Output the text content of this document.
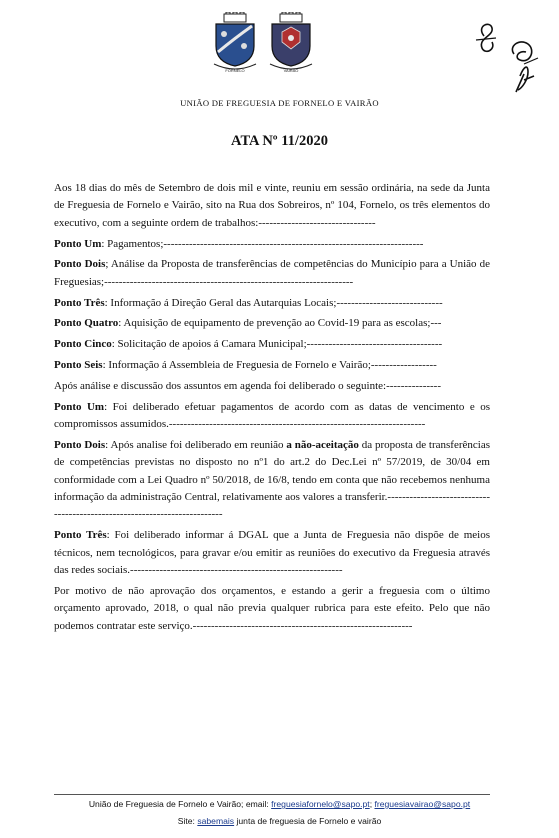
FORNELO	VAIRÃO
UNIÃO DE FREGUESIA DE FORNELO E VAIRÃO
ATA Nº 11/2020

Aos 18 dias do mês de Setembro de dois mil e vinte, reuniu em sessão ordinária, na sede da Junta de Freguesia de Fornelo e Vairão, sito na Rua dos Sobreiros, nº 104, Fornelo, os três elementos do executivo, com a seguinte ordem de trabalhos:--------------------------------

Ponto Um: Pagamentos;-----------------------------------------------------------------------

Ponto Dois; Análise da Proposta de transferências de competências do Município para a União de Freguesias;--------------------------------------------------------------------

Ponto Três: Informação á Direção Geral das Autarquias Locais;-----------------------------

Ponto Quatro: Aquisição de equipamento de prevenção ao Covid-19 para as escolas;---

Ponto Cinco: Solicitação de apoios á Camara Municipal;-------------------------------------

Ponto Seis: Informação á Assembleia de Freguesia de Fornelo e Vairão;------------------

Após análise e discussão dos assuntos em agenda foi deliberado o seguinte:---------------

Ponto Um: Foi deliberado efetuar pagamentos de acordo com as datas de vencimento e os compromissos assumidos.----------------------------------------------------------------------

Ponto Dois: Após analise foi deliberado em reunião a não-aceitação da proposta de transferências de competências previstas no disposto no nº1 do art.2 do Dec.Lei nº 57/2019, de 30/04 em conformidade com a Lei Quadro nº 50/2018, de 16/8, tendo em conta que não recebemos nenhuma informação da administração Central, relativamente aos valores a transferir.--------------------------------------------------------------------------

Ponto Três: Foi deliberado informar á DGAL que a Junta de Freguesia não dispõe de meios técnicos, nem tecnológicos, para gravar e/ou emitir as reuniões do executivo da Freguesia através das redes sociais.----------------------------------------------------------

Por motivo de não aprovação dos orçamentos, e estando a gerir a freguesia com o último orçamento aprovado, 2018, o qual não previa qualquer rubrica para este efeito. Pelo que não podemos contratar este serviço.------------------------------------------------------------

União de Freguesia de Fornelo e Vairão; email: freguesiafornelo@sapo.pt; freguesiavairao@sapo.pt
Site: sabemais junta de freguesia de Fornelo e vairão
